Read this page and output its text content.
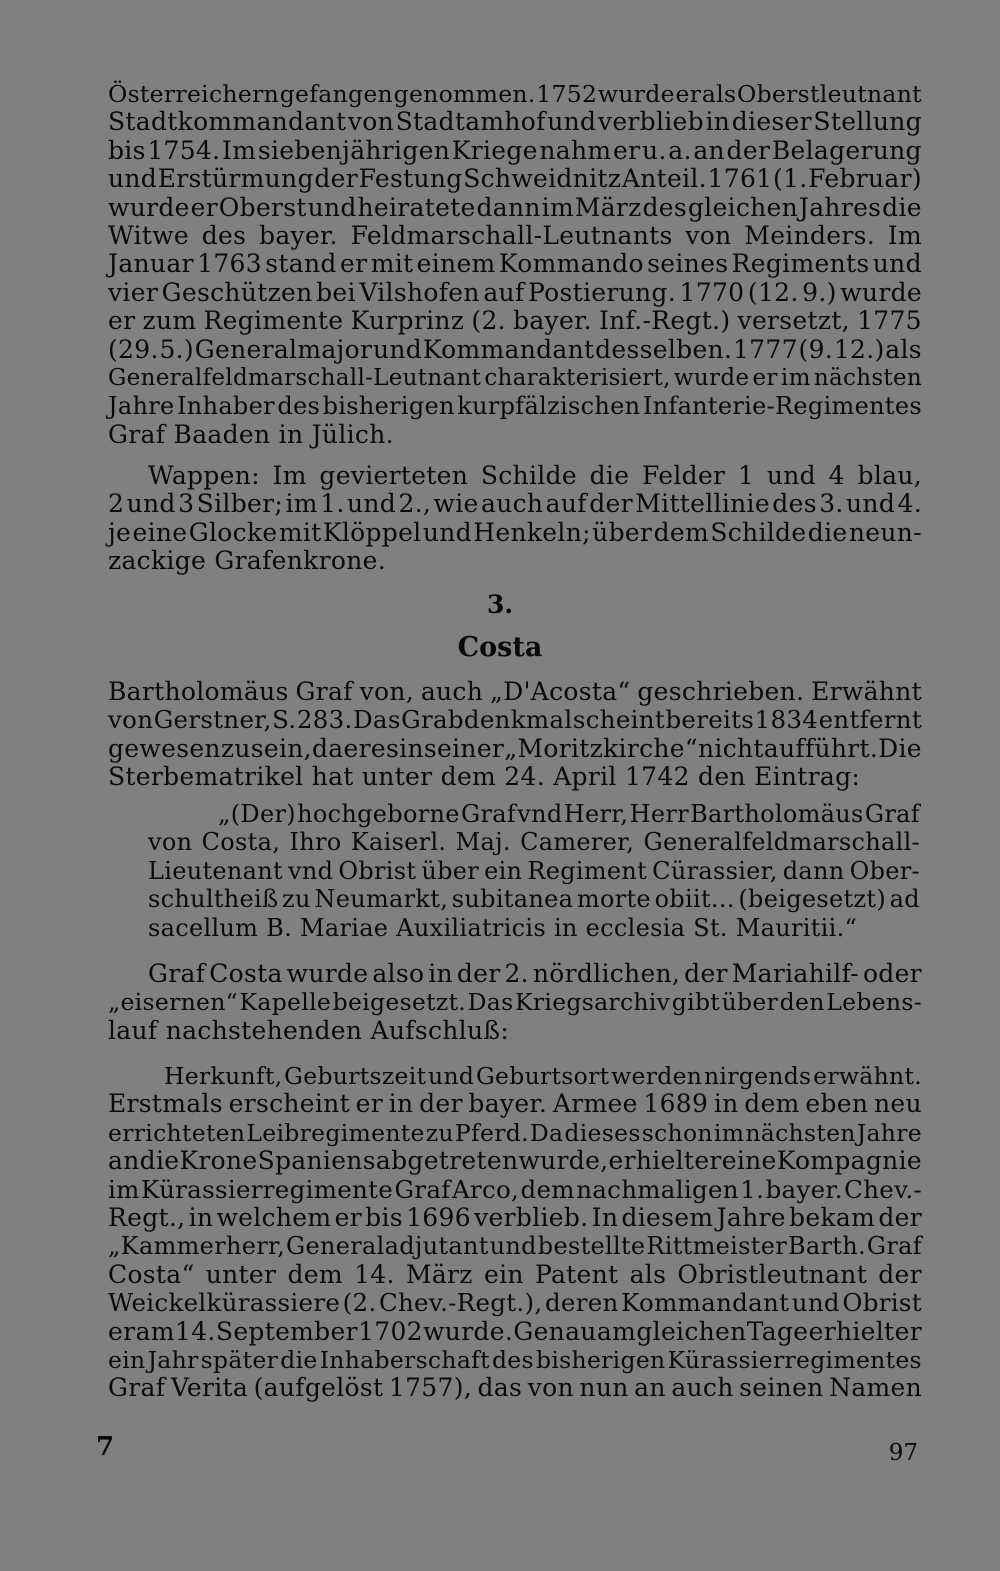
Österreichern gefangen genommen. 1752 wurde er als Oberstleutnant
Stadtkommandant von Stadtamhof und verblieb in dieser Stellung
bis 1754. Im siebenjährigen Kriege nahm er u. a. an der Belagerung
und Erstürmung der Festung Schweidnitz Anteil. 1761 (1. Februar)
wurde er Oberst und heiratete dann im März des gleichen Jahres die
Witwe des bayer. Feldmarschall-Leutnants von Meinders. Im
Januar 1763 stand er mit einem Kommando seines Regiments und
vier Geschützen bei Vilshofen auf Postierung. 1770 (12. 9.) wurde
er zum Regimente Kurprinz (2. bayer. Inf.-Regt.) versetzt, 1775
(29. 5.) Generalmajor und Kommandant desselben. 1777 (9. 12.) als
Generalfeldmarschall-Leutnant charakterisiert, wurde er im nächsten
Jahre Inhaber des bisherigen kurpfälzischen Infanterie-Regimentes
Graf Baaden in Jülich.
Wappen: Im gevierteten Schilde die Felder 1 und 4 blau,
2 und 3 Silber; im 1. und 2., wie auch auf der Mittellinie des 3. und 4.
je eine Glocke mit Klöppel und Henkeln; über dem Schilde die neun-
zackige Grafenkrone.
3.
Costa
Bartholomäus Graf von, auch „D'Acosta“ geschrieben. Erwähnt
von Gerstner, S. 283. Das Grabdenkmal scheint bereits 1834 entfernt
gewesen zu sein, da er es in seiner „Moritzkirche“ nicht aufführt. Die
Sterbematrikel hat unter dem 24. April 1742 den Eintrag:
„(Der) hochgeborne Graf vnd Herr, Herr Bartholomäus Graf
von Costa, Ihro Kaiserl. Maj. Camerer, Generalfeldmarschall-
Lieutenant vnd Obrist über ein Regiment Cürassier, dann Ober-
schultheiß zu Neumarkt, subitanea morte obiit... (beigesetzt) ad
sacellum B. Mariae Auxiliatricis in ecclesia St. Mauritii.“
Graf Costa wurde also in der 2. nördlichen, der Mariahilf- oder
„eisernen“ Kapelle beigesetzt. Das Kriegsarchiv gibt über den Lebens-
lauf nachstehenden Aufschluß:
Herkunft, Geburtszeit und Geburtsort werden nirgends erwähnt.
Erstmals erscheint er in der bayer. Armee 1689 in dem eben neu
errichteten Leibregimente zu Pferd. Da dieses schon im nächsten Jahre
an die Krone Spaniens abgetreten wurde, erhielt er eine Kompagnie
im Kürassierregimente Graf Arco, dem nachmaligen 1. bayer. Chev.-
Regt., in welchem er bis 1696 verblieb. In diesem Jahre bekam der
„Kammerherr, Generaladjutant und bestellte Rittmeister Barth. Graf
Costa“ unter dem 14. März ein Patent als Obristleutnant der
Weickelkürassiere (2. Chev.-Regt.), deren Kommandant und Obrist
er am 14. September 1702 wurde. Genau am gleichen Tage erhielt er
ein Jahr später die Inhaberschaft des bisherigen Kürassierregimentes
Graf Verita (aufgelöst 1757), das von nun an auch seinen Namen
7	97
